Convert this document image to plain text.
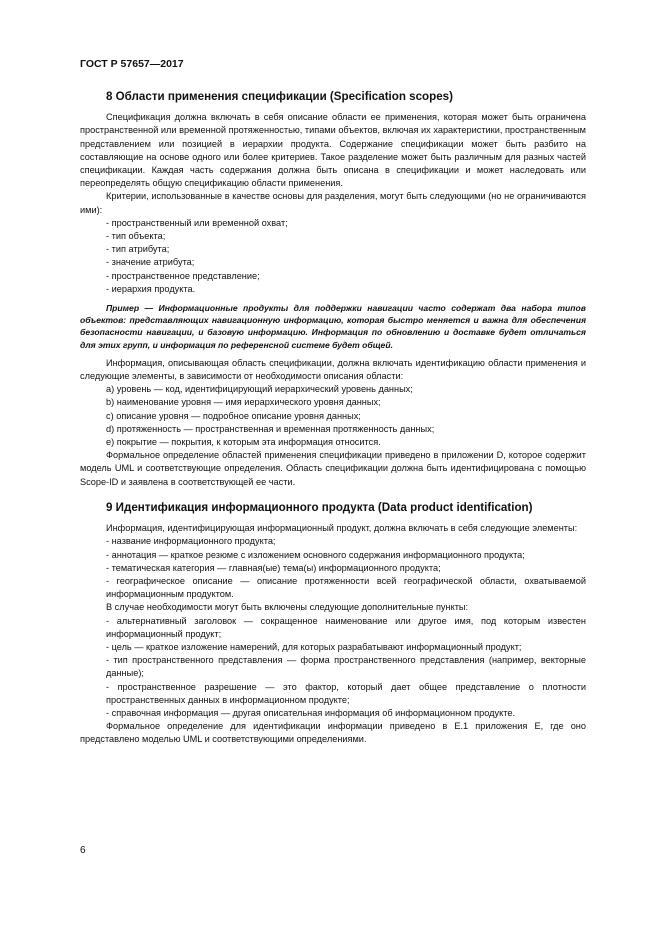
ГОСТ Р 57657—2017
8 Области применения спецификации (Specification scopes)

Спецификация должна включать в себя описание области ее применения, которая может быть ограничена пространственной или временной протяженностью, типами объектов, включая их характеристики, пространственным представлением или позицией в иерархии продукта. Содержание спецификации может быть разбито на составляющие на основе одного или более критериев. Такое разделение может быть различным для разных частей спецификации. Каждая часть содержания должна быть описана в спецификации и может наследовать или переопределять общую спецификацию области применения.

Критерии, использованные в качестве основы для разделения, могут быть следующими (но не ограничиваются ими):

- пространственный или временной охват;
- тип объекта;
- тип атрибута;
- значение атрибута;
- пространственное представление;
- иерархия продукта.

Пример — Информационные продукты для поддержки навигации часто содержат два набора типов объектов: представляющих навигационную информацию, которая быстро меняется и важна для обеспечения безопасности навигации, и базовую информацию. Информация по обновлению и доставке будет отличаться для этих групп, и информация по референсной системе будет общей.

Информация, описывающая область спецификации, должна включать идентификацию области применения и следующие элементы, в зависимости от необходимости описания области:

a) уровень — код, идентифицирующий иерархический уровень данных;
b) наименование уровня — имя иерархического уровня данных;
c) описание уровня — подробное описание уровня данных;
d) протяженность — пространственная и временная протяженность данных;
e) покрытие — покрытия, к которым эта информация относится.

Формальное определение областей применения спецификации приведено в приложении D, которое содержит модель UML и соответствующие определения. Область спецификации должна быть идентифицирована с помощью Scope-ID и заявлена в соответствующей ее части.

9 Идентификация информационного продукта (Data product identification)

Информация, идентифицирующая информационный продукт, должна включать в себя следующие элементы:

- название информационного продукта;
- аннотация — краткое резюме с изложением основного содержания информационного продукта;
- тематическая категория — главная(ые) тема(ы) информационного продукта;
- географическое описание — описание протяженности всей географической области, охватываемой информационным продуктом.

В случае необходимости могут быть включены следующие дополнительные пункты:

- альтернативный заголовок — сокращенное наименование или другое имя, под которым известен информационный продукт;
- цель — краткое изложение намерений, для которых разрабатывают информационный продукт;
- тип пространственного представления — форма пространственного представления (например, векторные данные);
- пространственное разрешение — это фактор, который дает общее представление о плотности пространственных данных в информационном продукте;
- справочная информация — другая описательная информация об информационном продукте.

Формальное определение для идентификации информации приведено в E.1 приложения E, где оно представлено моделью UML и соответствующими определениями.

6
